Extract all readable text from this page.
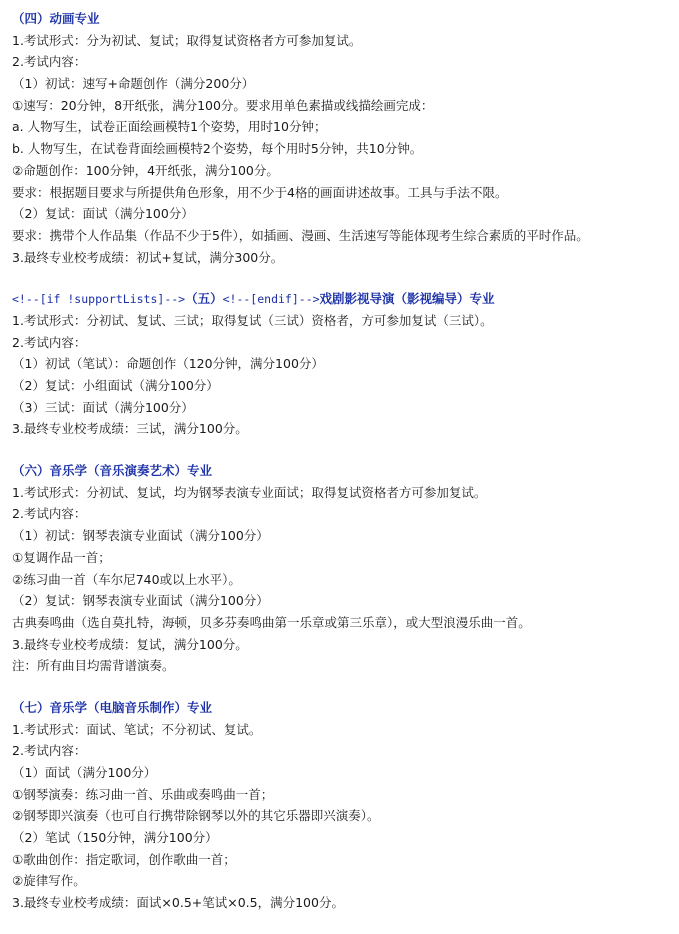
（四）动画专业
1.考试形式：分为初试、复试；取得复试资格者方可参加复试。
2.考试内容：
（1）初试：速写+命题创作（满分200分）
①速写：20分钟，8开纸张，满分100分。要求用单色素描或线描绘画完成：
a. 人物写生，试卷正面绘画模特1个姿势，用时10分钟；
b. 人物写生，在试卷背面绘画模特2个姿势，每个用时5分钟，共10分钟。
②命题创作：100分钟，4开纸张，满分100分。
要求：根据题目要求与所提供角色形象，用不少于4格的画面讲述故事。工具与手法不限。
（2）复试：面试（满分100分）
要求：携带个人作品集（作品不少于5件），如插画、漫画、生活速写等能体现考生综合素质的平时作品。
3.最终专业校考成绩：初试+复试，满分300分。
<!--[if !supportLists]-->（五）<!--[endif]-->戏剧影视导演（影视编导）专业
1.考试形式：分初试、复试、三试；取得复试（三试）资格者，方可参加复试（三试）。
2.考试内容：
（1）初试（笔试）：命题创作（120分钟，满分100分）
（2）复试：小组面试（满分100分）
（3）三试：面试（满分100分）
3.最终专业校考成绩：三试，满分100分。
（六）音乐学（音乐演奏艺术）专业
1.考试形式：分初试、复试，均为钢琴表演专业面试；取得复试资格者方可参加复试。
2.考试内容：
（1）初试：钢琴表演专业面试（满分100分）
①复调作品一首；
②练习曲一首（车尔尼740或以上水平）。
（2）复试：钢琴表演专业面试（满分100分）
古典奏鸣曲（选自莫扎特，海顿，贝多芬奏鸣曲第一乐章或第三乐章），或大型浪漫乐曲一首。
3.最终专业校考成绩：复试，满分100分。
注：所有曲目均需背谱演奏。
（七）音乐学（电脑音乐制作）专业
1.考试形式：面试、笔试；不分初试、复试。
2.考试内容：
（1）面试（满分100分）
①钢琴演奏：练习曲一首、乐曲或奏鸣曲一首；
②钢琴即兴演奏（也可自行携带除钢琴以外的其它乐器即兴演奏）。
（2）笔试（150分钟，满分100分）
①歌曲创作：指定歌词，创作歌曲一首；
②旋律写作。
3.最终专业校考成绩：面试×0.5+笔试×0.5，满分100分。
